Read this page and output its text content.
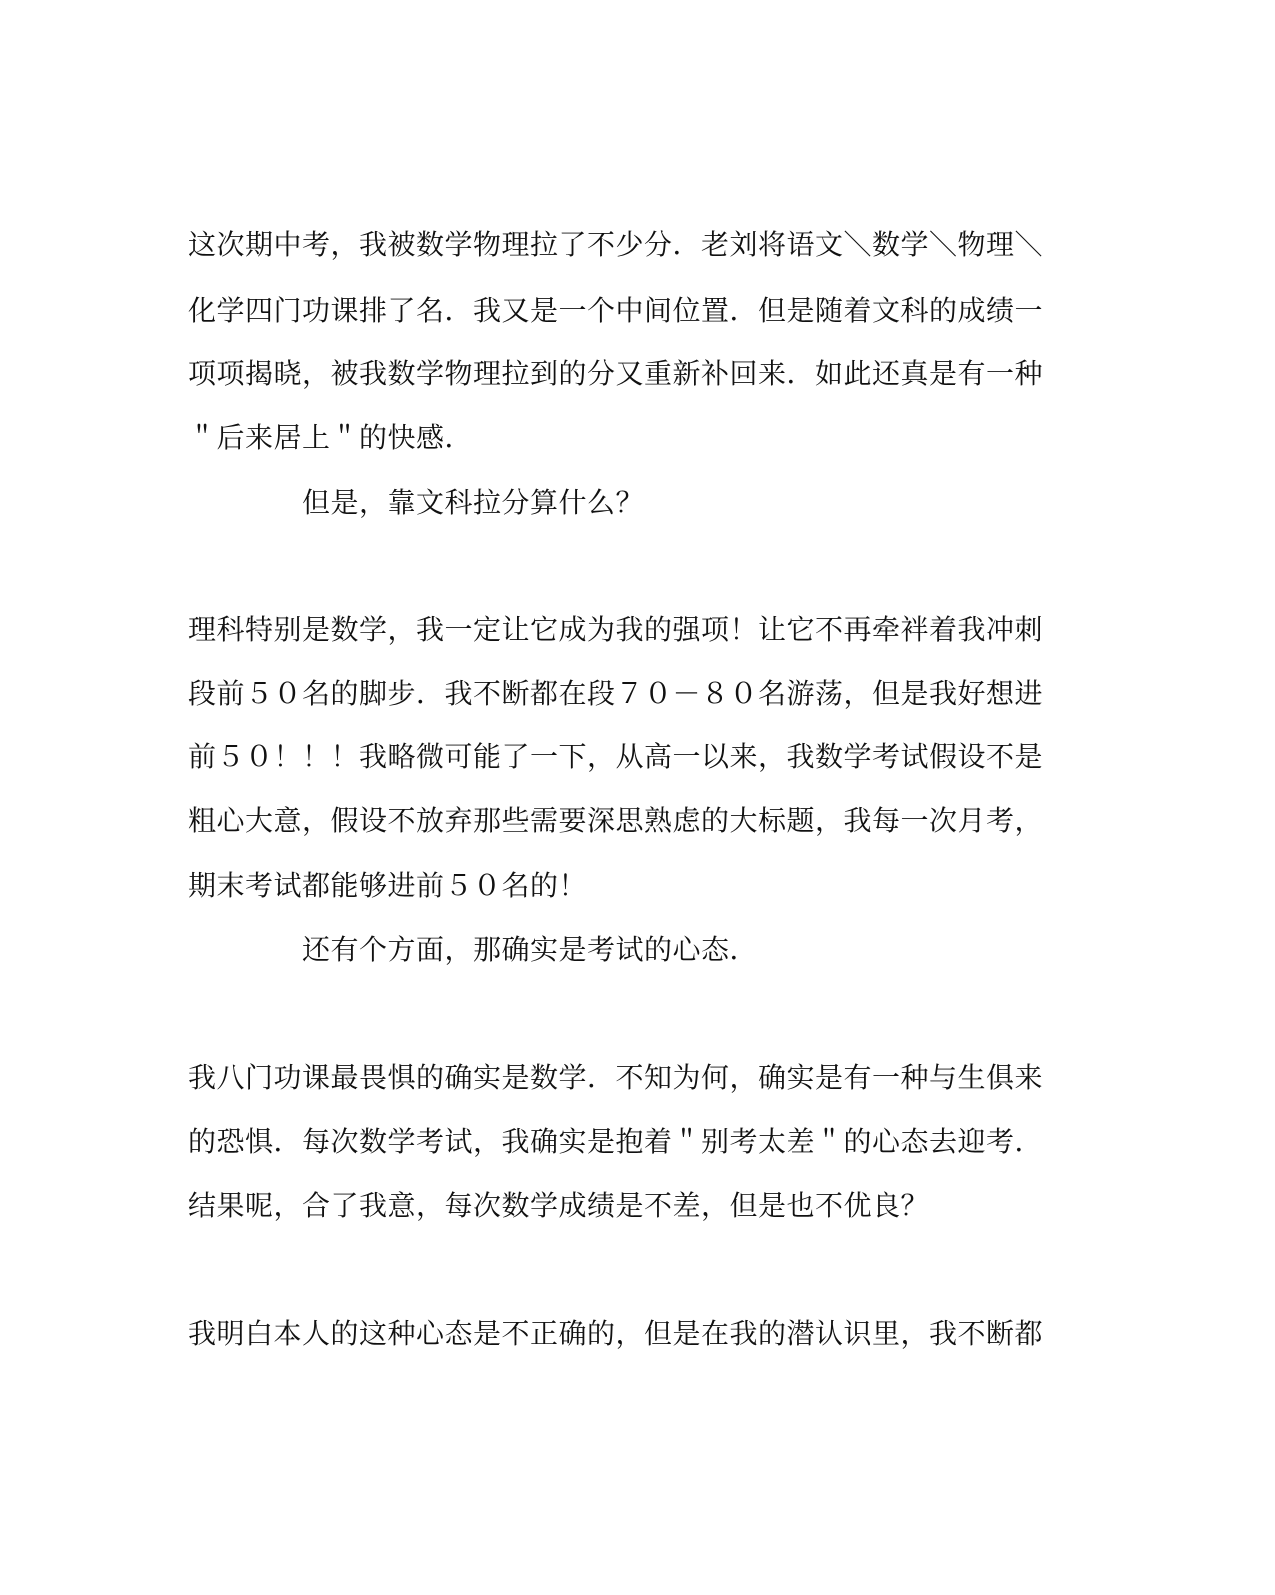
这次期中考，我被数学物理拉了不少分．老刘将语文＼数学＼物理＼
化学四门功课排了名．我又是一个中间位置．但是随着文科的成绩一
项项揭晓，被我数学物理拉到的分又重新补回来．如此还真是有一种
＂后来居上＂的快感．
但是，靠文科拉分算什么？
理科特别是数学，我一定让它成为我的强项！让它不再牵袢着我冲刺
段前５０名的脚步．我不断都在段７０－８０名游荡，但是我好想进
前５０！！！我略微可能了一下，从高一以来，我数学考试假设不是
粗心大意，假设不放弃那些需要深思熟虑的大标题，我每一次月考，
期末考试都能够进前５０名的！
还有个方面，那确实是考试的心态．
我八门功课最畏惧的确实是数学．不知为何，确实是有一种与生俱来
的恐惧．每次数学考试，我确实是抱着＂别考太差＂的心态去迎考．
结果呢，合了我意，每次数学成绩是不差，但是也不优良？
我明白本人的这种心态是不正确的，但是在我的潜认识里，我不断都
